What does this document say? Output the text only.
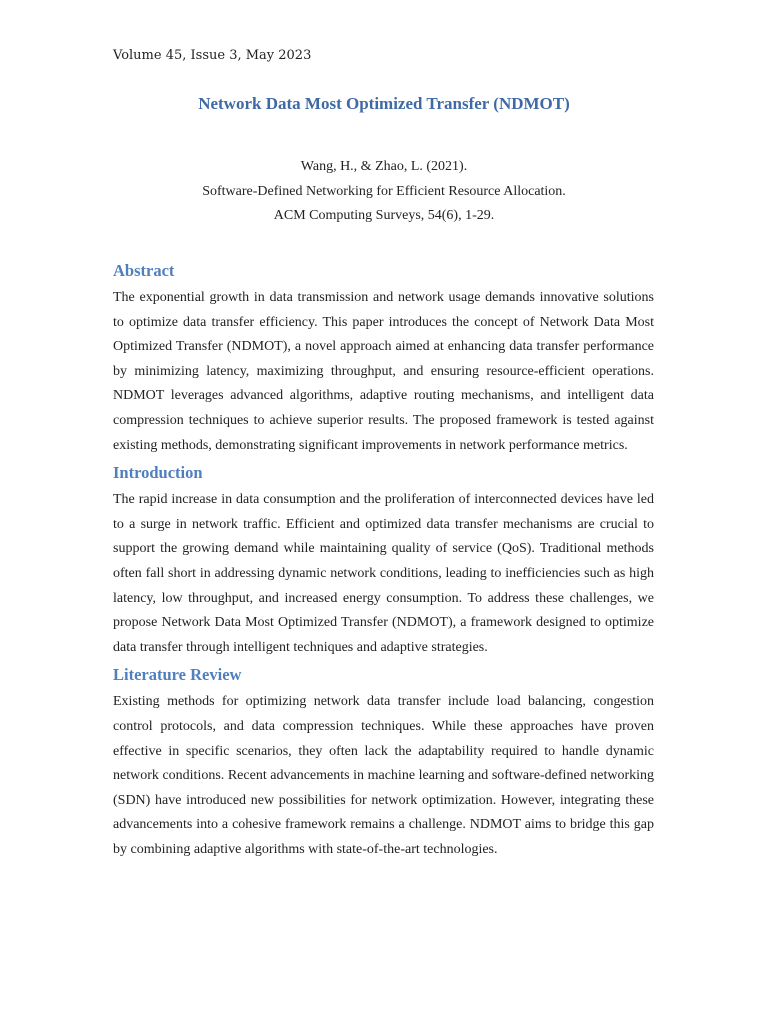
Volume 45, Issue 3, May 2023
Network Data Most Optimized Transfer (NDMOT)
Wang, H., & Zhao, L. (2021).
Software-Defined Networking for Efficient Resource Allocation.
ACM Computing Surveys, 54(6), 1-29.
Abstract

The exponential growth in data transmission and network usage demands innovative solutions to optimize data transfer efficiency. This paper introduces the concept of Network Data Most Optimized Transfer (NDMOT), a novel approach aimed at enhancing data transfer performance by minimizing latency, maximizing throughput, and ensuring resource-efficient operations. NDMOT leverages advanced algorithms, adaptive routing mechanisms, and intelligent data compression techniques to achieve superior results. The proposed framework is tested against existing methods, demonstrating significant improvements in network performance metrics.

Introduction

The rapid increase in data consumption and the proliferation of interconnected devices have led to a surge in network traffic. Efficient and optimized data transfer mechanisms are crucial to support the growing demand while maintaining quality of service (QoS). Traditional methods often fall short in addressing dynamic network conditions, leading to inefficiencies such as high latency, low throughput, and increased energy consumption. To address these challenges, we propose Network Data Most Optimized Transfer (NDMOT), a framework designed to optimize data transfer through intelligent techniques and adaptive strategies.

Literature Review

Existing methods for optimizing network data transfer include load balancing, congestion control protocols, and data compression techniques. While these approaches have proven effective in specific scenarios, they often lack the adaptability required to handle dynamic network conditions. Recent advancements in machine learning and software-defined networking (SDN) have introduced new possibilities for network optimization. However, integrating these advancements into a cohesive framework remains a challenge. NDMOT aims to bridge this gap by combining adaptive algorithms with state-of-the-art technologies.
